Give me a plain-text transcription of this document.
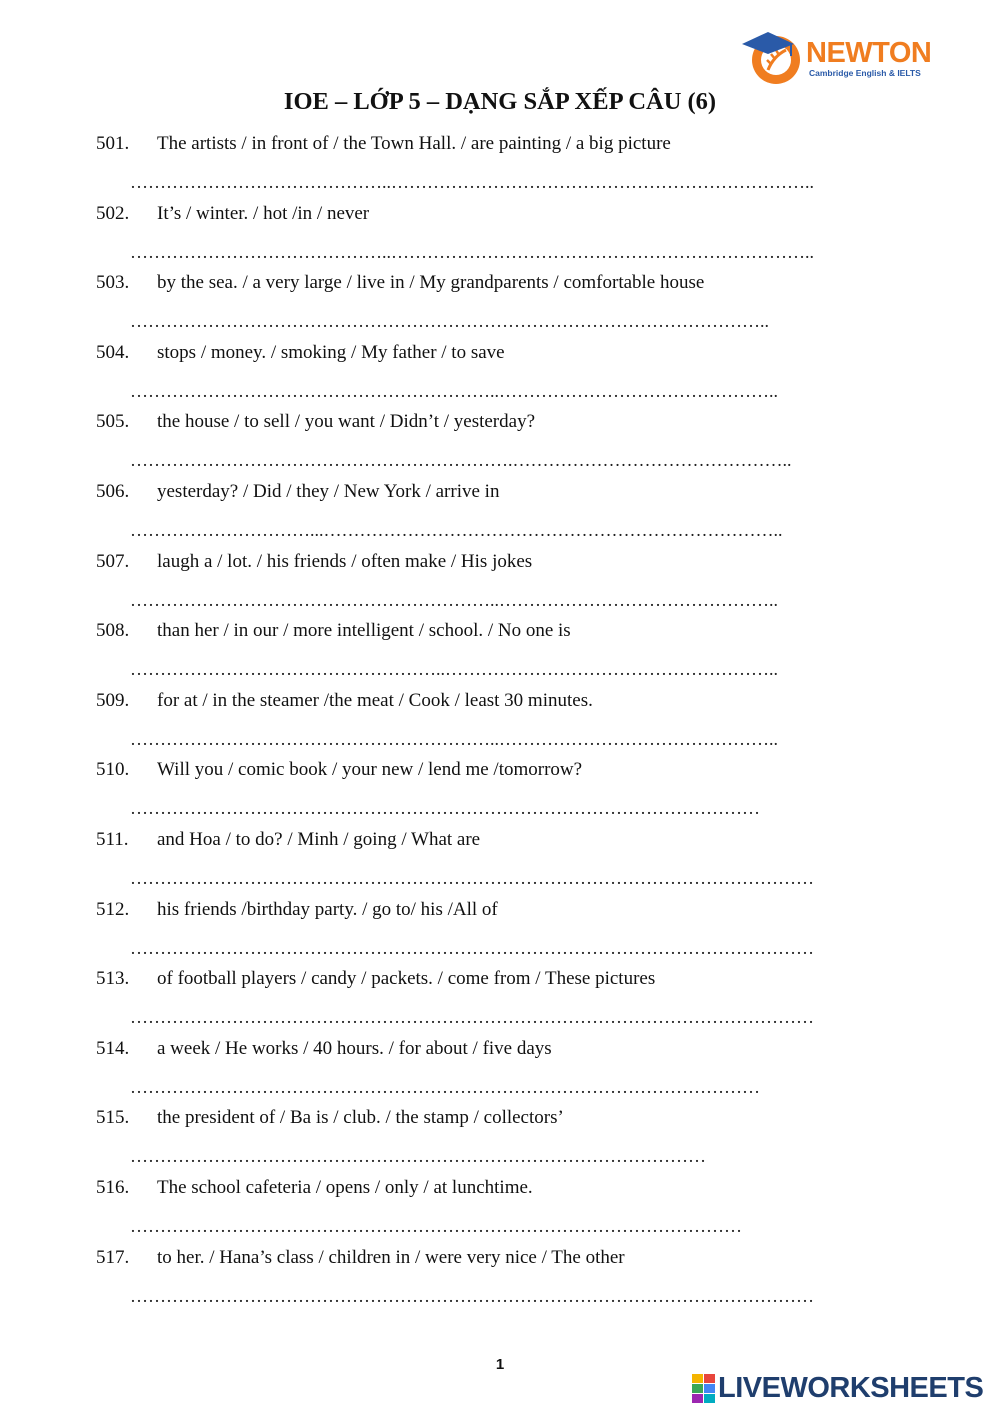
NEWTON
Cambridge English & IELTS
IOE – LỚP 5 – DẠNG SẮP XẾP CÂU (6)
501. The artists / in front of / the Town Hall. / are painting / a big picture
……………………………………..……………………………………………………………..
502. It’s / winter. / hot /in / never
……………………………………..……………………………………………………………..
503. by the sea. / a very large / live in / My grandparents / comfortable house
……………………………………………………………………………………………..
504. stops / money. / smoking / My father / to save
……………………………………………………..………………………………………..
505. the house / to sell / you want / Didn’t / yesterday?
……………………………………………………….………………………………………..
506. yesterday? / Did / they / New York / arrive in
…………………………...…………………………………………………………………..
507. laugh a / lot. / his friends / often make / His jokes
……………………………………………………..………………………………………..
508. than her / in our / more intelligent / school. / No one is
……………………………………………..………………………………………………..
509. for at / in the steamer /the meat / Cook / least 30 minutes.
……………………………………………………..………………………………………..
510. Will you / comic book / your new / lend me /tomorrow?
……………………………………………………………………………………………
511. and Hoa / to do? / Minh / going / What are
……………………………………………………………………………………………………
512. his friends /birthday party. / go to/ his /All of
……………………………………………………………………………………………………
513. of football players / candy / packets. / come from / These pictures
……………………………………………………………………………………………………
514. a week / He works / 40 hours. / for about / five days
……………………………………………………………………………………………
515. the president of / Ba is / club. / the stamp / collectors’
……………………………………………………………………………………
516. The school cafeteria / opens / only / at lunchtime.
…………………………………………………………………………………………
517. to her. / Hana’s class / children in / were very nice / The other
……………………………………………………………………………………………………
1
LIVEWORKSHEETS
